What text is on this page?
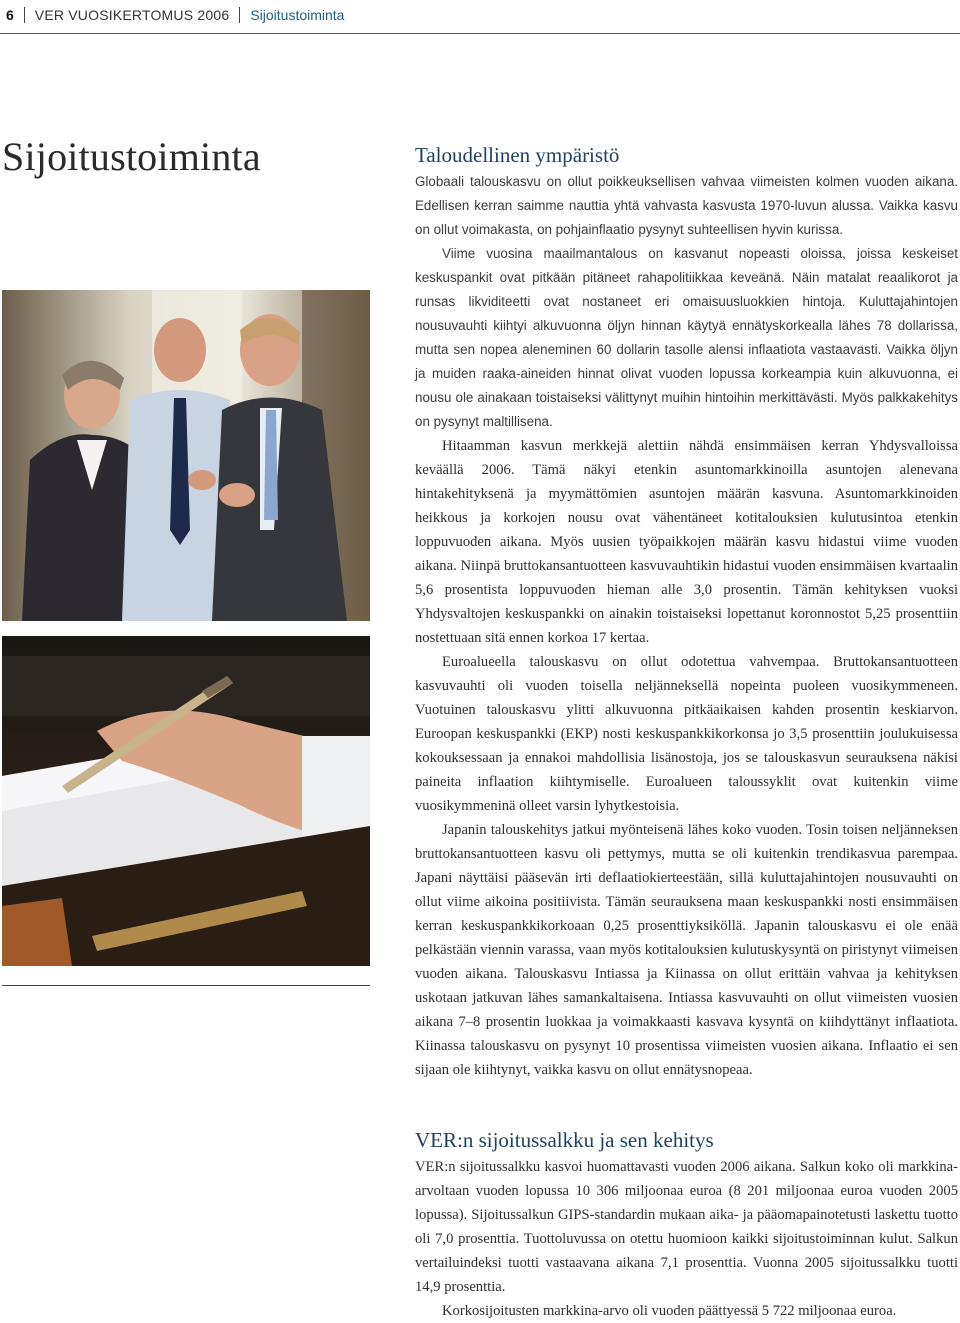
6 VER VUOSIKERTOMUS 2006 Sijoitustoiminta
Sijoitustoiminta	Taloudellinen ympäristö

Globaali talouskasvu on ollut poikkeuksellisen vahvaa viimeisten kolmen vuoden aikana. Edellisen kerran saimme nauttia yhtä vahvasta kasvusta 1970-luvun alussa. Vaikka kasvu on ollut voimakasta, on pohjainflaatio pysynyt suhteellisen hyvin kurissa.

Viime vuosina maailmantalous on kasvanut nopeasti oloissa, joissa keskeiset keskuspankit ovat pitkään pitäneet rahapolitiikkaa keveänä. Näin matalat reaalikorot ja runsas likviditeetti ovat nostaneet eri omaisuusluokkien hintoja. Kuluttajahintojen nousuvauhti kiihtyi alkuvuonna öljyn hinnan käytyä ennätyskorkealla lähes 78 dollarissa, mutta sen nopea aleneminen 60 dollarin tasolle alensi inflaatiota vastaavasti. Vaikka öljyn ja muiden raaka-aineiden hinnat olivat vuoden lopussa korkeampia kuin alkuvuonna, ei nousu ole ainakaan toistaiseksi välittynyt muihin hintoihin merkittävästi. Myös palkkakehitys on pysynyt maltillisena.

Hitaamman kasvun merkkejä alettiin nähdä ensimmäisen kerran Yhdysvalloissa keväällä 2006. Tämä näkyi etenkin asuntomarkkinoilla asuntojen alenevana hintakehityksenä ja myymättömien asuntojen määrän kasvuna. Asuntomarkkinoiden heikkous ja korkojen nousu ovat vähentäneet kotitalouksien kulutusintoa etenkin loppuvuoden aikana. Myös uusien työpaikkojen määrän kasvu hidastui viime vuoden aikana. Niinpä bruttokansantuotteen kasvuvauhtikin hidastui vuoden ensimmäisen kvartaalin 5,6 prosentista loppuvuoden hieman alle 3,0 prosentin. Tämän kehityksen vuoksi Yhdysvaltojen keskuspankki on ainakin toistaiseksi lopettanut koronnostot 5,25 prosenttiin nostettuaan sitä ennen korkoa 17 kertaa.

Euroalueella talouskasvu on ollut odotettua vahvempaa. Bruttokansantuotteen kasvuvauhti oli vuoden toisella neljänneksellä nopeinta puoleen vuosikymmeneen. Vuotuinen talouskasvu ylitti alkuvuonna pitkäaikaisen kahden prosentin keskiarvon. Euroopan keskuspankki (EKP) nosti keskuspankkikorkonsa jo 3,5 prosenttiin joulukuisessa kokouksessaan ja ennakoi mahdollisia lisänostoja, jos se talouskasvun seurauksena näkisi paineita inflaation kiihtymiselle. Euroalueen taloussyklit ovat kuitenkin viime vuosikymmeninä olleet varsin lyhytkestoisia.

Japanin talouskehitys jatkui myönteisenä lähes koko vuoden. Tosin toisen neljänneksen bruttokansantuotteen kasvu oli pettymys, mutta se oli kuitenkin trendikasvua parempaa. Japani näyttäisi pääsevän irti deflaatiokierteestään, sillä kuluttajahintojen nousuvauhti on ollut viime aikoina positiivista. Tämän seurauksena maan keskuspankki nosti ensimmäisen kerran keskuspankkikorkoaan 0,25 prosenttiyksiköllä. Japanin talouskasvu ei ole enää pelkästään viennin varassa, vaan myös kotitalouksien kulutuskysyntä on piristynyt viimeisen vuoden aikana. Talouskasvu Intiassa ja Kiinassa on ollut erittäin vahvaa ja kehityksen uskotaan jatkuvan lähes samankaltaisena. Intiassa kasvuvauhti on ollut viimeisten vuosien aikana 7–8 prosentin luokkaa ja voimakkaasti kasvava kysyntä on kiihdyttänyt inflaatiota. Kiinassa talouskasvu on pysynyt 10 prosentissa viimeisten vuosien aikana. Inflaatio ei sen sijaan ole kiihtynyt, vaikka kasvu on ollut ennätysnopeaa.

VER:n sijoitussalkku ja sen kehitys

VER:n sijoitussalkku kasvoi huomattavasti vuoden 2006 aikana. Salkun koko oli markkina-arvoltaan vuoden lopussa 10 306 miljoonaa euroa (8 201 miljoonaa euroa vuoden 2005 lopussa). Sijoitussalkun GIPS-standardin mukaan aika- ja pääomapainotetusti laskettu tuotto oli 7,0 prosenttia. Tuottoluvussa on otettu huomioon kaikki sijoitustoiminnan kulut. Salkun vertailuindeksi tuotti vastaavana aikana 7,1 prosenttia. Vuonna 2005 sijoitussalkku tuotti 14,9 prosenttia.

Korkosijoitusten markkina-arvo oli vuoden päättyessä 5 722 miljoonaa euroa.
